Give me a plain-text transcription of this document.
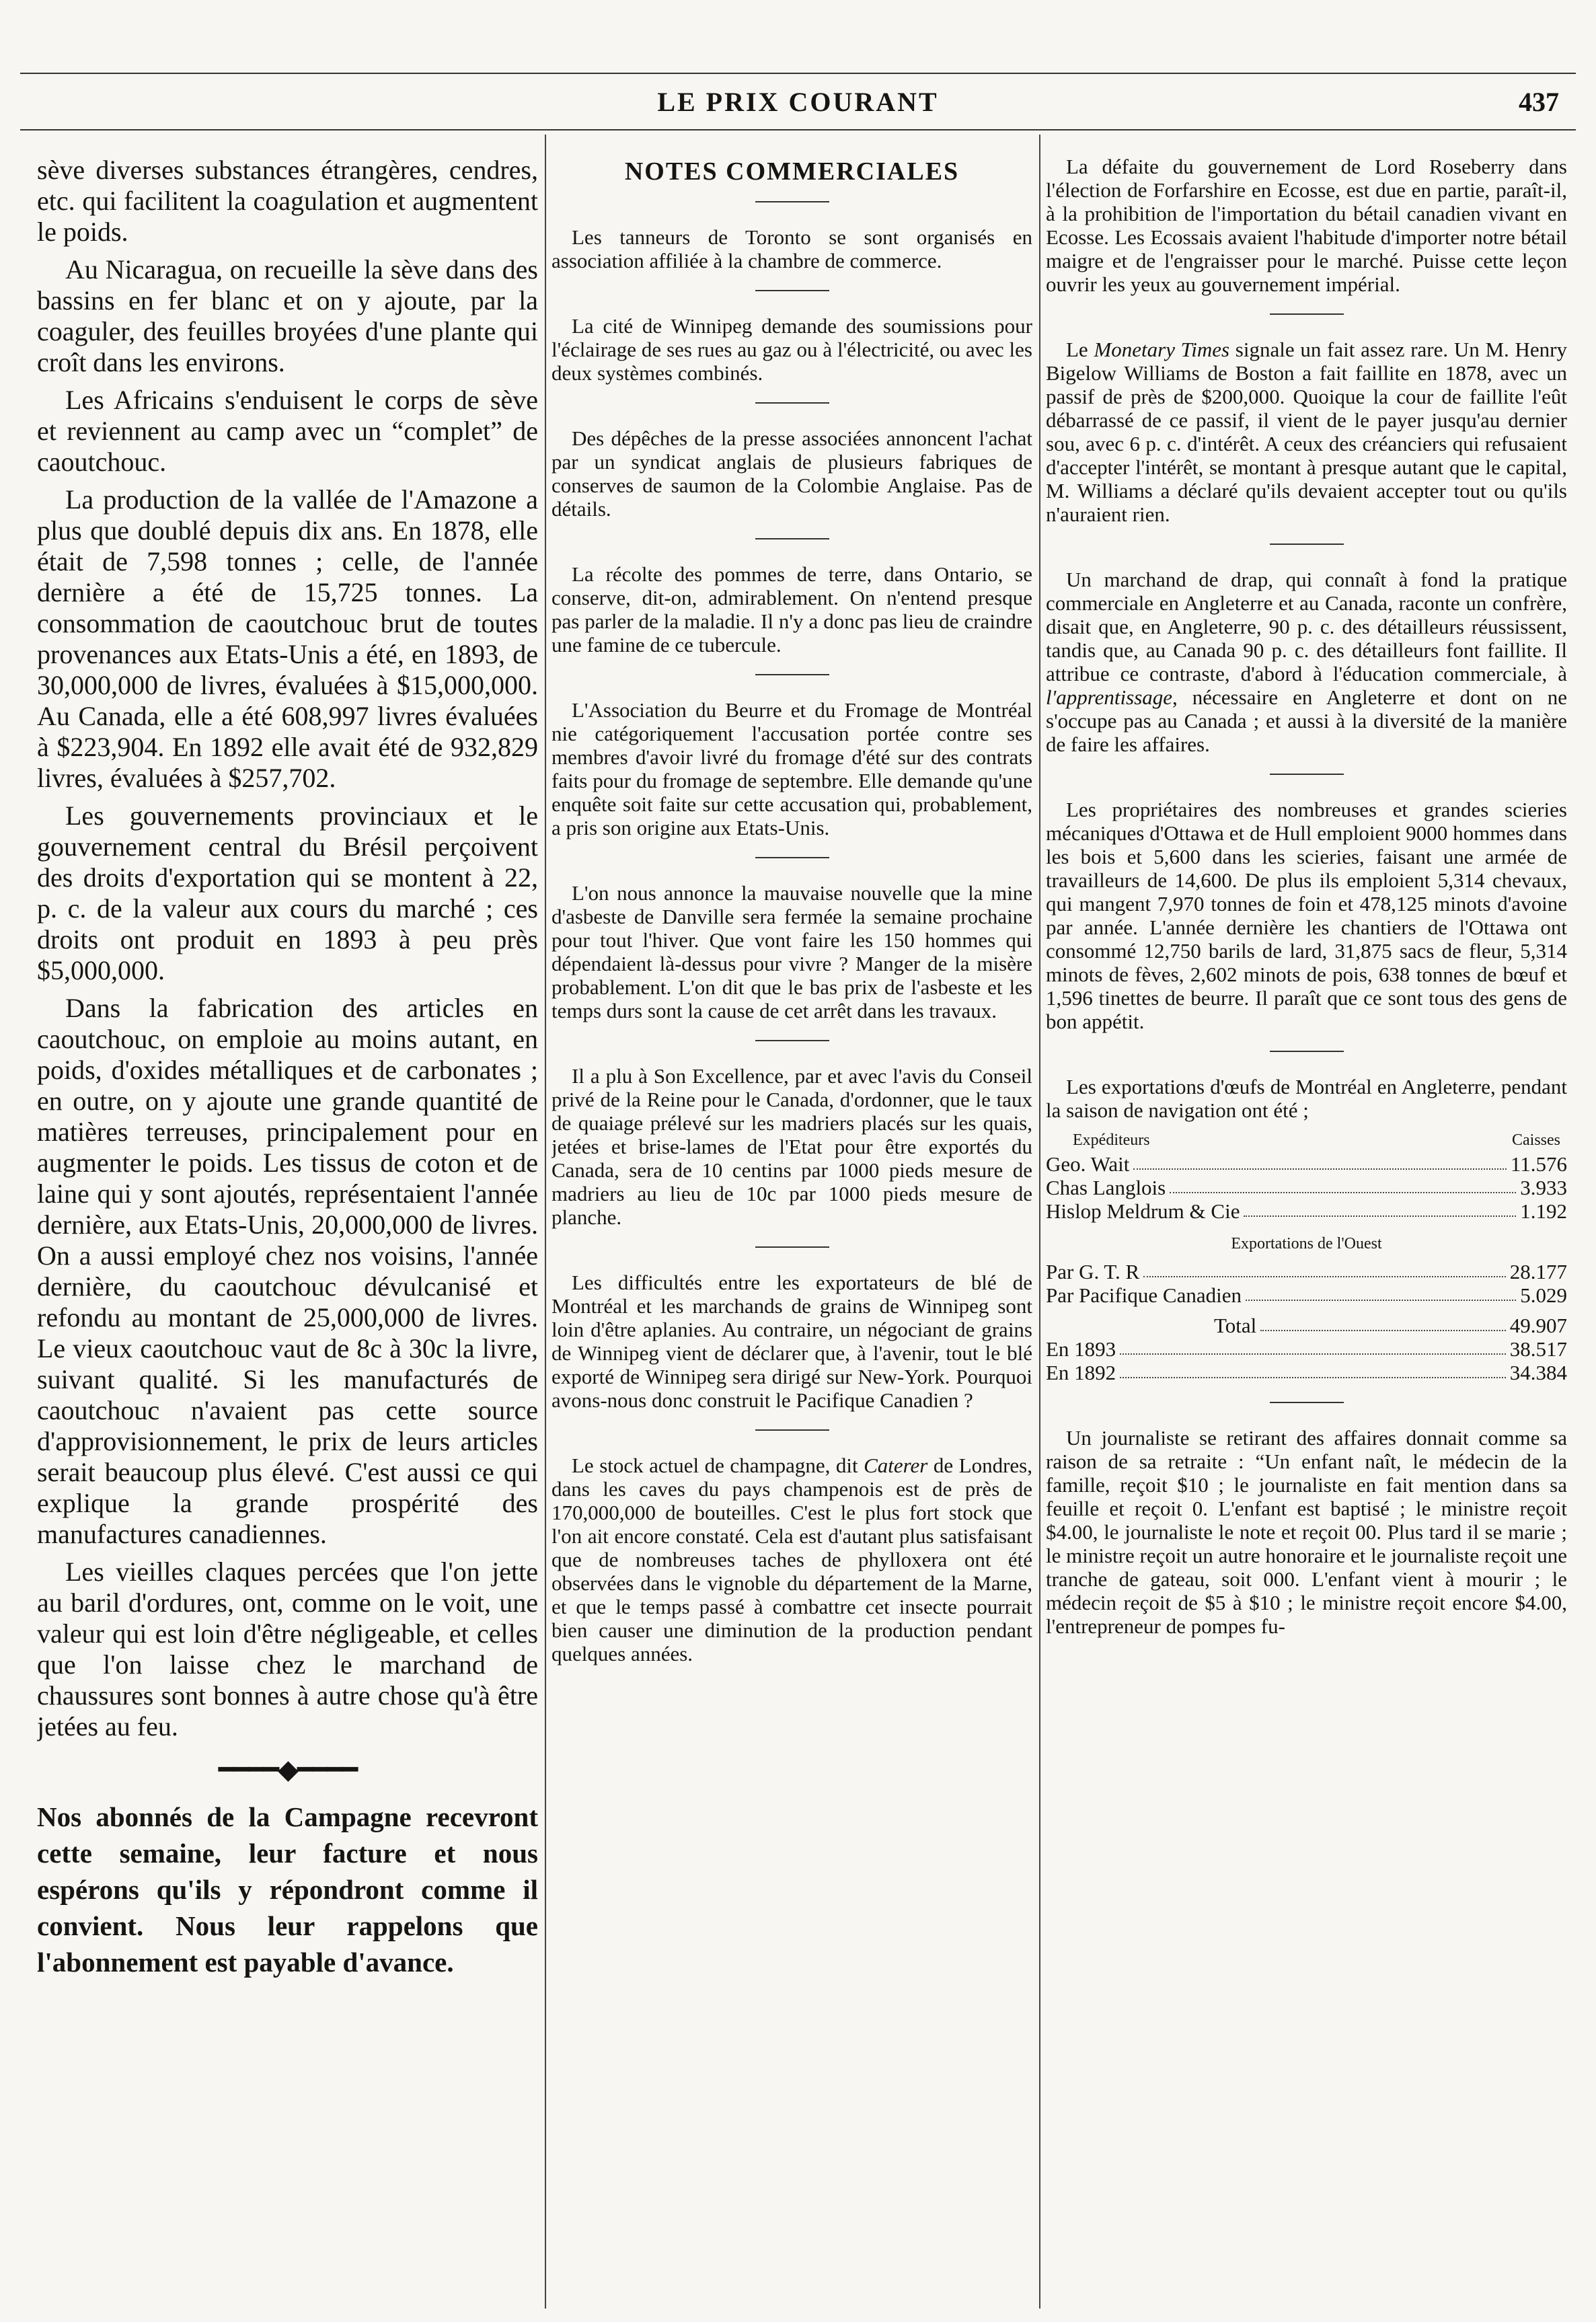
LE PRIX COURANT	437

sève diverses substances étrangères, cendres, etc. qui facilitent la coagulation et augmentent le poids.

Au Nicaragua, on recueille la sève dans des bassins en fer blanc et on y ajoute, par la coaguler, des feuilles broyées d'une plante qui croît dans les environs.

Les Africains s'enduisent le corps de sève et reviennent au camp avec un “complet” de caoutchouc.

La production de la vallée de l'Amazone a plus que doublé depuis dix ans. En 1878, elle était de 7,598 tonnes ; celle, de l'année dernière a été de 15,725 tonnes. La consommation de caoutchouc brut de toutes provenances aux Etats-Unis a été, en 1893, de 30,000,000 de livres, évaluées à $15,000,000. Au Canada, elle a été 608,997 livres évaluées à $223,904. En 1892 elle avait été de 932,829 livres, évaluées à $257,702.

Les gouvernements provinciaux et le gouvernement central du Brésil perçoivent des droits d'exportation qui se montent à 22, p. c. de la valeur aux cours du marché ; ces droits ont produit en 1893 à peu près $5,000,000.

Dans la fabrication des articles en caoutchouc, on emploie au moins autant, en poids, d'oxides métalliques et de carbonates ; en outre, on y ajoute une grande quantité de matières terreuses, principalement pour en augmenter le poids. Les tissus de coton et de laine qui y sont ajoutés, représentaient l'année dernière, aux Etats-Unis, 20,000,000 de livres. On a aussi employé chez nos voisins, l'année dernière, du caoutchouc dévulcanisé et refondu au montant de 25,000,000 de livres. Le vieux caoutchouc vaut de 8c à 30c la livre, suivant qualité. Si les manufacturés de caoutchouc n'avaient pas cette source d'approvisionnement, le prix de leurs articles serait beaucoup plus élevé. C'est aussi ce qui explique la grande prospérité des manufactures canadiennes.

Les vieilles claques percées que l'on jette au baril d'ordures, ont, comme on le voit, une valeur qui est loin d'être négligeable, et celles que l'on laisse chez le marchand de chaussures sont bonnes à autre chose qu'à être jetées au feu.

━━━━◆━━━━

Nos abonnés de la Campagne recevront cette semaine, leur facture et nous espérons qu'ils y répondront comme il convient. Nous leur rappelons que l'abonnement est payable d'avance.

NOTES COMMERCIALES

Les tanneurs de Toronto se sont organisés en association affiliée à la chambre de commerce.

La cité de Winnipeg demande des soumissions pour l'éclairage de ses rues au gaz ou à l'électricité, ou avec les deux systèmes combinés.

Des dépêches de la presse associées annoncent l'achat par un syndicat anglais de plusieurs fabriques de conserves de saumon de la Colombie Anglaise. Pas de détails.

La récolte des pommes de terre, dans Ontario, se conserve, dit-on, admirablement. On n'entend presque pas parler de la maladie. Il n'y a donc pas lieu de craindre une famine de ce tubercule.

L'Association du Beurre et du Fromage de Montréal nie catégoriquement l'accusation portée contre ses membres d'avoir livré du fromage d'été sur des contrats faits pour du fromage de septembre. Elle demande qu'une enquête soit faite sur cette accusation qui, probablement, a pris son origine aux Etats-Unis.

L'on nous annonce la mauvaise nouvelle que la mine d'asbeste de Danville sera fermée la semaine prochaine pour tout l'hiver. Que vont faire les 150 hommes qui dépendaient là-dessus pour vivre ? Manger de la misère probablement. L'on dit que le bas prix de l'asbeste et les temps durs sont la cause de cet arrêt dans les travaux.

Il a plu à Son Excellence, par et avec l'avis du Conseil privé de la Reine pour le Canada, d'ordonner, que le taux de quaiage prélevé sur les madriers placés sur les quais, jetées et brise-lames de l'Etat pour être exportés du Canada, sera de 10 centins par 1000 pieds mesure de madriers au lieu de 10c par 1000 pieds mesure de planche.

Les difficultés entre les exportateurs de blé de Montréal et les marchands de grains de Winnipeg sont loin d'être aplanies. Au contraire, un négociant de grains de Winnipeg vient de déclarer que, à l'avenir, tout le blé exporté de Winnipeg sera dirigé sur New-York. Pourquoi avons-nous donc construit le Pacifique Canadien ?

Le stock actuel de champagne, dit Caterer de Londres, dans les caves du pays champenois est de près de 170,000,000 de bouteilles. C'est le plus fort stock que l'on ait encore constaté. Cela est d'autant plus satisfaisant que de nombreuses taches de phylloxera ont été observées dans le vignoble du département de la Marne, et que le temps passé à combattre cet insecte pourrait bien causer une diminution de la production pendant quelques années.

La défaite du gouvernement de Lord Roseberry dans l'élection de Forfarshire en Ecosse, est due en partie, paraît-il, à la prohibition de l'importation du bétail canadien vivant en Ecosse. Les Ecossais avaient l'habitude d'importer notre bétail maigre et de l'engraisser pour le marché. Puisse cette leçon ouvrir les yeux au gouvernement impérial.

Le Monetary Times signale un fait assez rare. Un M. Henry Bigelow Williams de Boston a fait faillite en 1878, avec un passif de près de $200,000. Quoique la cour de faillite l'eût débarrassé de ce passif, il vient de le payer jusqu'au dernier sou, avec 6 p. c. d'intérêt. A ceux des créanciers qui refusaient d'accepter l'intérêt, se montant à presque autant que le capital, M. Williams a déclaré qu'ils devaient accepter tout ou qu'ils n'auraient rien.

Un marchand de drap, qui connaît à fond la pratique commerciale en Angleterre et au Canada, raconte un confrère, disait que, en Angleterre, 90 p. c. des détailleurs réussissent, tandis que, au Canada 90 p. c. des détailleurs font faillite. Il attribue ce contraste, d'abord à l'éducation commerciale, à l'apprentissage, nécessaire en Angleterre et dont on ne s'occupe pas au Canada ; et aussi à la diversité de la manière de faire les affaires.

Les propriétaires des nombreuses et grandes scieries mécaniques d'Ottawa et de Hull emploient 9000 hommes dans les bois et 5,600 dans les scieries, faisant une armée de travailleurs de 14,600. De plus ils emploient 5,314 chevaux, qui mangent 7,970 tonnes de foin et 478,125 minots d'avoine par année. L'année dernière les chantiers de l'Ottawa ont consommé 12,750 barils de lard, 31,875 sacs de fleur, 5,314 minots de fèves, 2,602 minots de pois, 638 tonnes de bœuf et 1,596 tinettes de beurre. Il paraît que ce sont tous des gens de bon appétit.

Les exportations d'œufs de Montréal en Angleterre, pendant la saison de navigation ont été ;

Expéditeurs	Caisses
Geo. Wait	11.576
Chas Langlois	3.933
Hislop Meldrum & Cie	1.192
Exportations de l'Ouest
Par G. T. R	28.177
Par Pacifique Canadien	5.029
Total	49.907
En 1893	38.517
En 1892	34.384

Un journaliste se retirant des affaires donnait comme sa raison de sa retraite : “Un enfant naît, le médecin de la famille, reçoit $10 ; le journaliste en fait mention dans sa feuille et reçoit 0. L'enfant est baptisé ; le ministre reçoit $4.00, le journaliste le note et reçoit 00. Plus tard il se marie ; le ministre reçoit un autre honoraire et le journaliste reçoit une tranche de gateau, soit 000. L'enfant vient à mourir ; le médecin reçoit de $5 à $10 ; le ministre reçoit encore $4.00, l'entrepreneur de pompes fu-
